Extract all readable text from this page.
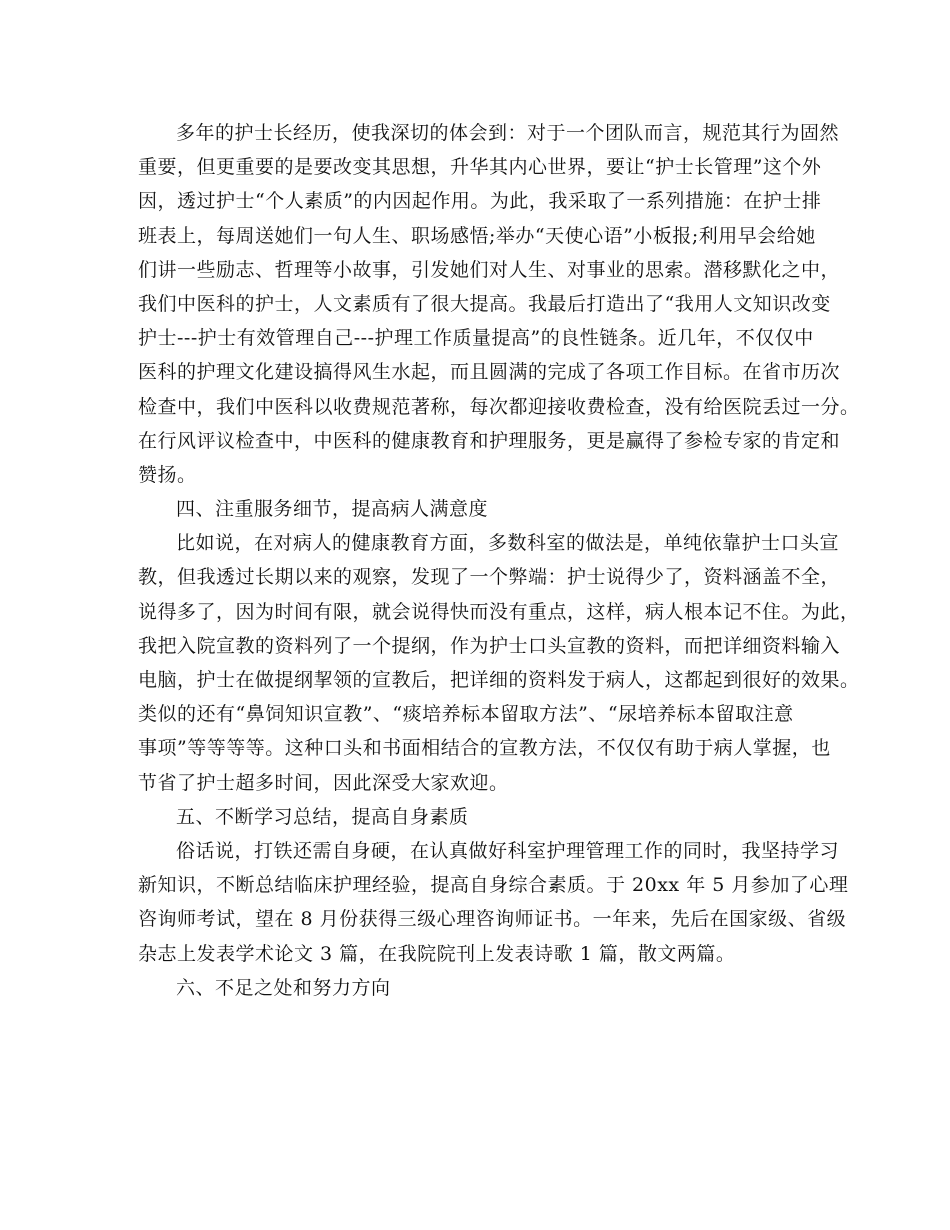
多年的护士长经历，使我深切的体会到：对于一个团队而言，规范其行为固然
重要，但更重要的是要改变其思想，升华其内心世界，要让“护士长管理”这个外
因，透过护士“个人素质”的内因起作用。为此，我采取了一系列措施：在护士排
班表上，每周送她们一句人生、职场感悟;举办“天使心语”小板报;利用早会给她
们讲一些励志、哲理等小故事，引发她们对人生、对事业的思索。潜移默化之中，
我们中医科的护士，人文素质有了很大提高。我最后打造出了“我用人文知识改变
护士---护士有效管理自己---护理工作质量提高”的良性链条。近几年，不仅仅中
医科的护理文化建设搞得风生水起，而且圆满的完成了各项工作目标。在省市历次
检查中，我们中医科以收费规范著称，每次都迎接收费检查，没有给医院丢过一分。
在行风评议检查中，中医科的健康教育和护理服务，更是赢得了参检专家的肯定和
赞扬。
四、注重服务细节，提高病人满意度
比如说，在对病人的健康教育方面，多数科室的做法是，单纯依靠护士口头宣
教，但我透过长期以来的观察，发现了一个弊端：护士说得少了，资料涵盖不全，
说得多了，因为时间有限，就会说得快而没有重点，这样，病人根本记不住。为此，
我把入院宣教的资料列了一个提纲，作为护士口头宣教的资料，而把详细资料输入
电脑，护士在做提纲挈领的宣教后，把详细的资料发于病人，这都起到很好的效果。
类似的还有“鼻饲知识宣教”、“痰培养标本留取方法”、“尿培养标本留取注意
事项”等等等等。这种口头和书面相结合的宣教方法，不仅仅有助于病人掌握，也
节省了护士超多时间，因此深受大家欢迎。
五、不断学习总结，提高自身素质
俗话说，打铁还需自身硬，在认真做好科室护理管理工作的同时，我坚持学习
新知识，不断总结临床护理经验，提高自身综合素质。于 20xx 年 5 月参加了心理
咨询师考试，望在 8 月份获得三级心理咨询师证书。一年来，先后在国家级、省级
杂志上发表学术论文 3 篇，在我院院刊上发表诗歌 1 篇，散文两篇。
六、不足之处和努力方向
